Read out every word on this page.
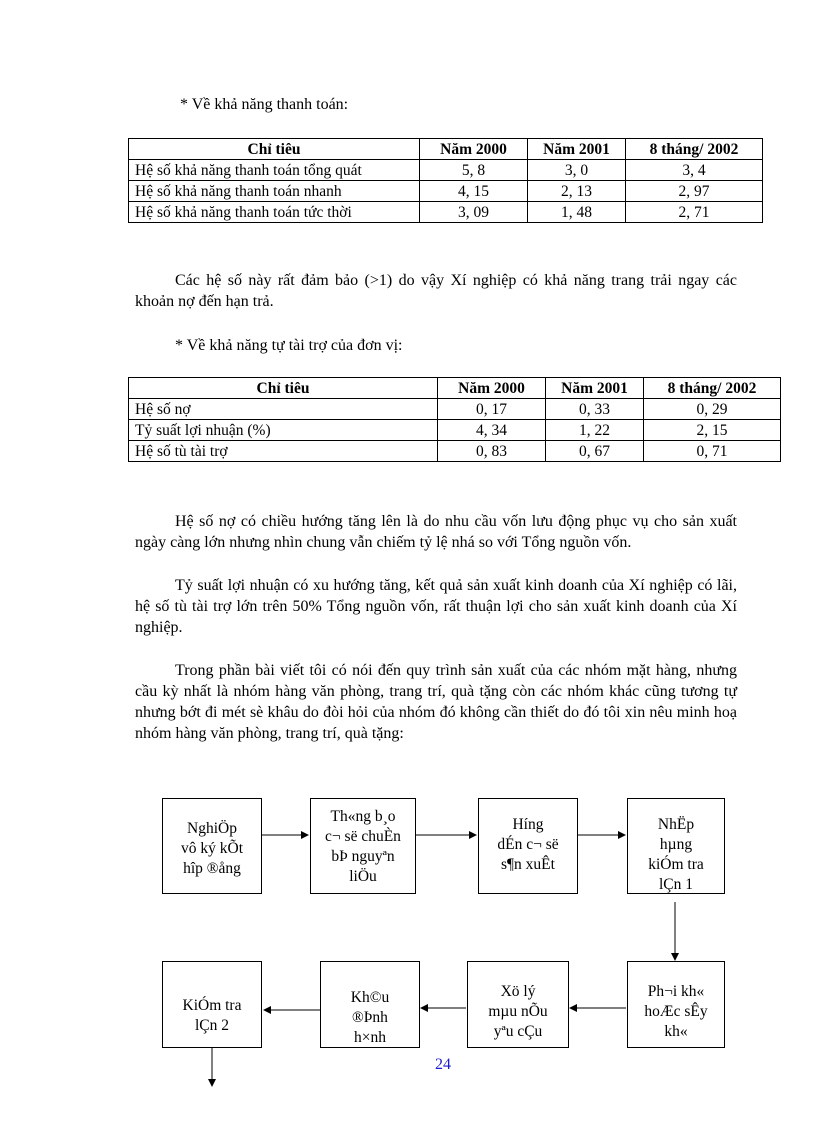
* Về khả năng thanh toán:
Chỉ tiêu	Năm 2000	Năm 2001	8 tháng/ 2002
Hệ số khả năng thanh toán tổng quát	5, 8	3, 0	3, 4
Hệ số khả năng thanh toán nhanh	4, 15	2, 13	2, 97
Hệ số khả năng thanh toán tức thời	3, 09	1, 48	2, 71
Các hệ số này rất đảm bảo (>1) do vậy Xí nghiệp có khả năng trang trải ngay các khoản nợ đến hạn trả.
* Về khả năng tự tài trợ của đơn vị:
Chỉ tiêu	Năm 2000	Năm 2001	8 tháng/ 2002
Hệ số nợ	0, 17	0, 33	0, 29
Tỷ suất lợi nhuận (%)	4, 34	1, 22	2, 15
Hệ số tù tài trợ	0, 83	0, 67	0, 71
Hệ số nợ có chiều hướng tăng lên là do nhu cầu vốn lưu động phục vụ cho sản xuất ngày càng lớn nhưng nhìn chung vẫn chiếm tỷ lệ nhá so với Tổng nguồn vốn.
Tỷ suất lợi nhuận có xu hướng tăng, kết quả sản xuất kinh doanh của Xí nghiệp có lãi, hệ số tù tài trợ lớn trên 50% Tổng nguồn vốn, rất thuận lợi cho sản xuất kinh doanh của Xí nghiệp.
Trong phần bài viết tôi có nói đến quy trình sản xuất của các nhóm mặt hàng, nhưng cầu kỳ nhất là nhóm hàng văn phòng, trang trí, quà tặng còn các nhóm khác cũng tương tự nhưng bớt đi mét sè khâu do đòi hỏi của nhóm đó không cần thiết do đó tôi xin nêu minh hoạ nhóm hàng văn phòng, trang trí, quà tặng:
NghiÖp
vô ký kÕt
hîp ®ång
Th«ng b¸o
c¬ së chuÈn
bÞ nguyªn
liÖu
Híng
dÉn c¬ së
s¶n xuÊt
NhËp
hµng
kiÓm tra
lÇn 1
Ph¬i kh«
hoÆc sÊy
kh«
Xö lý
mµu nÕu
yªu cÇu
Kh©u
®Þnh
h×nh
KiÓm tra
lÇn 2
24
